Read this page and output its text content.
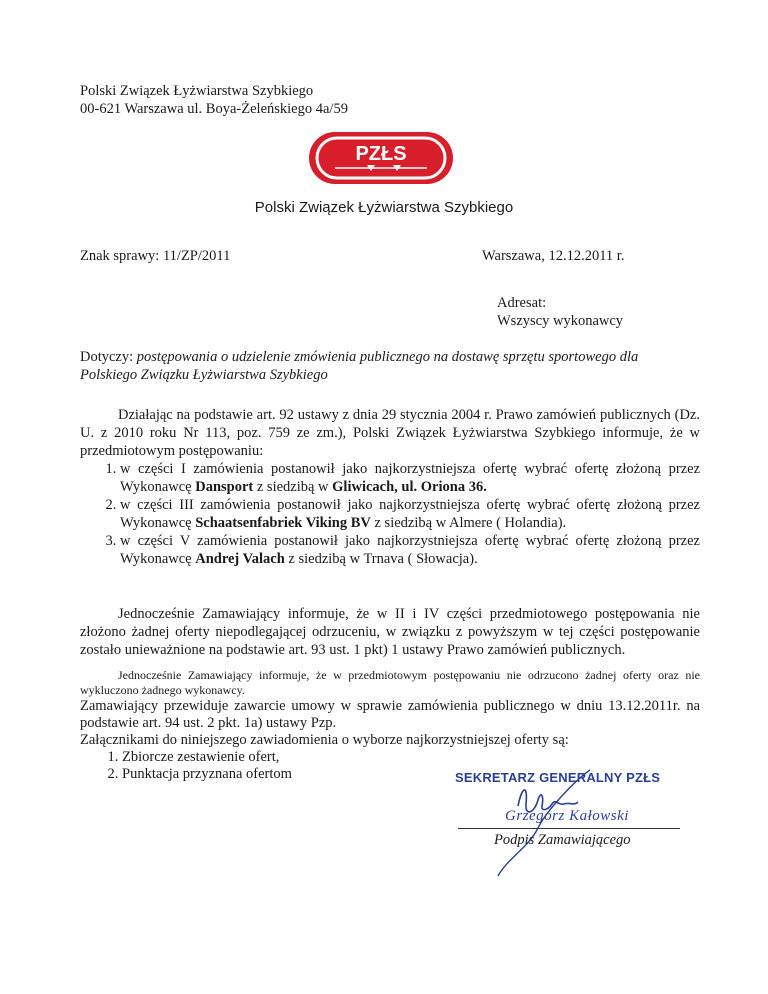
Polski Związek Łyżwiarstwa Szybkiego
00-621 Warszawa ul. Boya-Żeleńskiego 4a/59
PZŁS
Polski Związek Łyżwiarstwa Szybkiego
Znak sprawy: 11/ZP/2011	Warszawa, 12.12.2011 r.
Adresat:
Wszyscy wykonawcy
Dotyczy: postępowania o udzielenie zmówienia publicznego na dostawę sprzętu sportowego dla Polskiego Związku Łyżwiarstwa Szybkiego
Działając na podstawie art. 92 ustawy z dnia 29 stycznia 2004 r. Prawo zamówień publicznych (Dz. U. z 2010 roku Nr 113, poz. 759 ze zm.), Polski Związek Łyżwiarstwa Szybkiego informuje, że w przedmiotowym postępowaniu:
1. w części I zamówienia postanowił jako najkorzystniejsza ofertę wybrać ofertę złożoną przez Wykonawcę Dansport z siedzibą w Gliwicach, ul. Oriona 36.
2. w części III zamówienia postanowił jako najkorzystniejsza ofertę wybrać ofertę złożoną przez Wykonawcę Schaatsenfabriek Viking BV z siedzibą w Almere ( Holandia).
3. w części V zamówienia postanowił jako najkorzystniejsza ofertę wybrać ofertę złożoną przez Wykonawcę Andrej Valach z siedzibą w Trnava ( Słowacja).
Jednocześnie Zamawiający informuje, że w II i IV części przedmiotowego postępowania nie złożono żadnej oferty niepodlegającej odrzuceniu, w związku z powyższym w tej części postępowanie zostało unieważnione na podstawie art. 93 ust. 1 pkt) 1 ustawy Prawo zamówień publicznych.
Jednocześnie Zamawiający informuje, że w przedmiotowym postępowaniu nie odrzucono żadnej oferty oraz nie wykluczono żadnego wykonawcy.
Zamawiający przewiduje zawarcie umowy w sprawie zamówienia publicznego w dniu 13.12.2011r. na podstawie art. 94 ust. 2 pkt. 1a) ustawy Pzp.
Załącznikami do niniejszego zawiadomienia o wyborze najkorzystniejszej oferty są:
1. Zbiorcze zestawienie ofert,
2. Punktacja przyznana ofertom	SEKRETARZ GENERALNY PZŁS
Grzegorz Kałowski
Podpis Zamawiającego
